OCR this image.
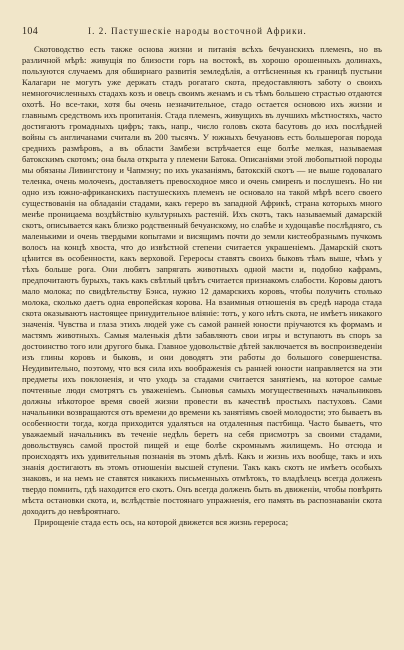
104	I. 2. Пастушескіе народы восточной Африки.

Скотоводство есть также основа жизни и питанія всѣхъ бечуанскихъ племенъ, но въ различной мѣрѣ: живущія по близости горъ на востокѣ, въ хорошо орошенныхъ долинахъ, пользуются случаемъ для обширнаго развитія земледѣлія, а оттѣсненныя къ границѣ пустыни Калагари не могутъ уже держать стадъ рогатаго скота, предоставляютъ заботу о своихъ немногочисленныхъ стадахъ козъ и овецъ своимъ женамъ и съ тѣмъ большею страстью отдаются охотѣ. Но все-таки, хотя бы очень незначительное, стадо остается основою ихъ жизни и главнымъ средствомъ ихъ пропитанія. Стада племенъ, живущихъ въ лучшихъ мѣстностяхъ, часто достигаютъ громадныхъ цифръ; такъ, напр., число головъ скота басутовъ до ихъ послѣдней войны съ англичанами считали въ 200 тысячъ. У южныхъ бечуановъ есть большерогая порода среднихъ размѣровъ, а въ области Замбези встрѣчается еще болѣе мелкая, называемая батокскимъ скотомъ; она была открыта у племени Батока. Описаніями этой любопытной породы мы обязаны Ливингстону и Чапмэну; по ихъ указаніямъ, батокскій скотъ — не выше годовалаго теленка, очень молоченъ, доставляетъ превосходное мясо и очень смиренъ и послушенъ. Но ни одно изъ южно-африканскихъ пастушескихъ племенъ не основало на такой мѣрѣ всего своего существованія на обладаніи стадами, какъ гереро въ западной Африкѣ, страна которыхъ много менѣе проницаема воздѣйствію культурныхъ растеній. Ихъ скотъ, такъ называемый дамарскій скотъ, описывается какъ близко родственный бечуанскому, но слабѣе и худощавѣе послѣдняго, съ маленькими и очень твердыми копытами и висящимъ почти до земли кистеобразнымъ пучкомъ волосъ на концѣ хвоста, что до извѣстной степени считается украшеніемъ. Дамарскій скотъ цѣнится въ особенности, какъ верховой. Гереросы ставятъ своихъ быковъ тѣмъ выше, чѣмъ у тѣхъ больше рога. Они любятъ запрягать животныхъ одной масти и, подобно кафрамъ, предпочитаютъ бурыхъ, такъ какъ свѣтлый цвѣтъ считается признакомъ слабости. Коровы даютъ мало молока; по свидѣтельству Бэнса, нужно 12 дамарскихъ коровъ, чтобы получить столько молока, сколько даетъ одна европейская корова. На взаимныя отношенія въ средѣ народа стада скота оказываютъ настоящее принудительное вліяніе: тотъ, у кого нѣтъ скота, не имѣетъ никакого значенія. Чувства и глаза этихъ людей уже съ самой ранней юности пріучаются къ формамъ и мастямъ животныхъ. Самыя маленькія дѣти забавляютъ свои игры и вступаютъ въ споръ за достоинство того или другого быка. Главное удовольствіе дѣтей заключается въ воспроизведеніи изъ глины коровъ и быковъ, и они доводятъ эти работы до большого совершенства. Неудивительно, поэтому, что вся сила ихъ воображенія съ ранней юности направляется на эти предметы ихъ поклоненія, и что уходъ за стадами считается занятіемъ, на которое самые почтенные люди смотрятъ съ уваженіемъ. Сыновья самыхъ могущественныхъ начальниковъ должны нѣкоторое время своей жизни провести въ качествѣ простыхъ пастуховъ. Сами начальники возвращаются отъ времени до времени къ занятіямъ своей молодости; это бываетъ въ особенности тогда, когда приходится удаляться на отдаленныя пастбища. Часто бываетъ, что уважаемый начальникъ въ теченіе недѣль беретъ на себя присмотръ за своими стадами, довольствуясь самой простой пищей и еще болѣе скромнымъ жилищемъ. Но отсюда и происходятъ ихъ удивительныя познанія въ этомъ дѣлѣ. Какъ и жизнь ихъ вообще, такъ и ихъ знанія достигаютъ въ этомъ отношеніи высшей ступени. Такъ какъ скотъ не имѣетъ особыхъ знаковъ, и на немъ не ставятся никакихъ письменныхъ отмѣтокъ, то владѣлецъ всегда долженъ твердо помнить, гдѣ находится его скотъ. Онъ всегда долженъ быть въ движеніи, чтобы повѣрять мѣста остановки скота, и, вслѣдствіе постоянаго упражненія, его память въ распознаваніи скота доходитъ до невѣроятнаго.

Прирощеніе стада есть ось, на которой движется вся жизнь герероса;
